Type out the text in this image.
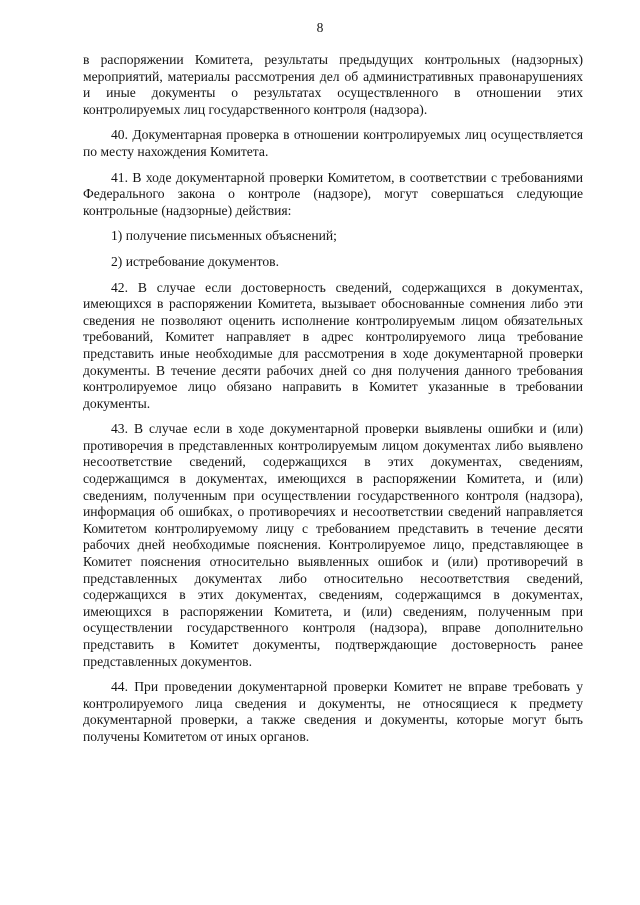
8

в распоряжении Комитета, результаты предыдущих контрольных (надзорных) мероприятий, материалы рассмотрения дел об административных правонарушениях и иные документы о результатах осуществленного в отношении этих контролируемых лиц государственного контроля (надзора).

40. Документарная проверка в отношении контролируемых лиц осуществляется по месту нахождения Комитета.

41. В ходе документарной проверки Комитетом, в соответствии с требованиями Федерального закона о контроле (надзоре), могут совершаться следующие контрольные (надзорные) действия:

1) получение письменных объяснений;

2) истребование документов.

42. В случае если достоверность сведений, содержащихся в документах, имеющихся в распоряжении Комитета, вызывает обоснованные сомнения либо эти сведения не позволяют оценить исполнение контролируемым лицом обязательных требований, Комитет направляет в адрес контролируемого лица требование представить иные необходимые для рассмотрения в ходе документарной проверки документы. В течение десяти рабочих дней со дня получения данного требования контролируемое лицо обязано направить в Комитет указанные в требовании документы.

43. В случае если в ходе документарной проверки выявлены ошибки и (или) противоречия в представленных контролируемым лицом документах либо выявлено несоответствие сведений, содержащихся в этих документах, сведениям, содержащимся в документах, имеющихся в распоряжении Комитета, и (или) сведениям, полученным при осуществлении государственного контроля (надзора), информация об ошибках, о противоречиях и несоответствии сведений направляется Комитетом контролируемому лицу с требованием представить в течение десяти рабочих дней необходимые пояснения. Контролируемое лицо, представляющее в Комитет пояснения относительно выявленных ошибок и (или) противоречий в представленных документах либо относительно несоответствия сведений, содержащихся в этих документах, сведениям, содержащимся в документах, имеющихся в распоряжении Комитета, и (или) сведениям, полученным при осуществлении государственного контроля (надзора), вправе дополнительно представить в Комитет документы, подтверждающие достоверность ранее представленных документов.

44. При проведении документарной проверки Комитет не вправе требовать у контролируемого лица сведения и документы, не относящиеся к предмету документарной проверки, а также сведения и документы, которые могут быть получены Комитетом от иных органов.
